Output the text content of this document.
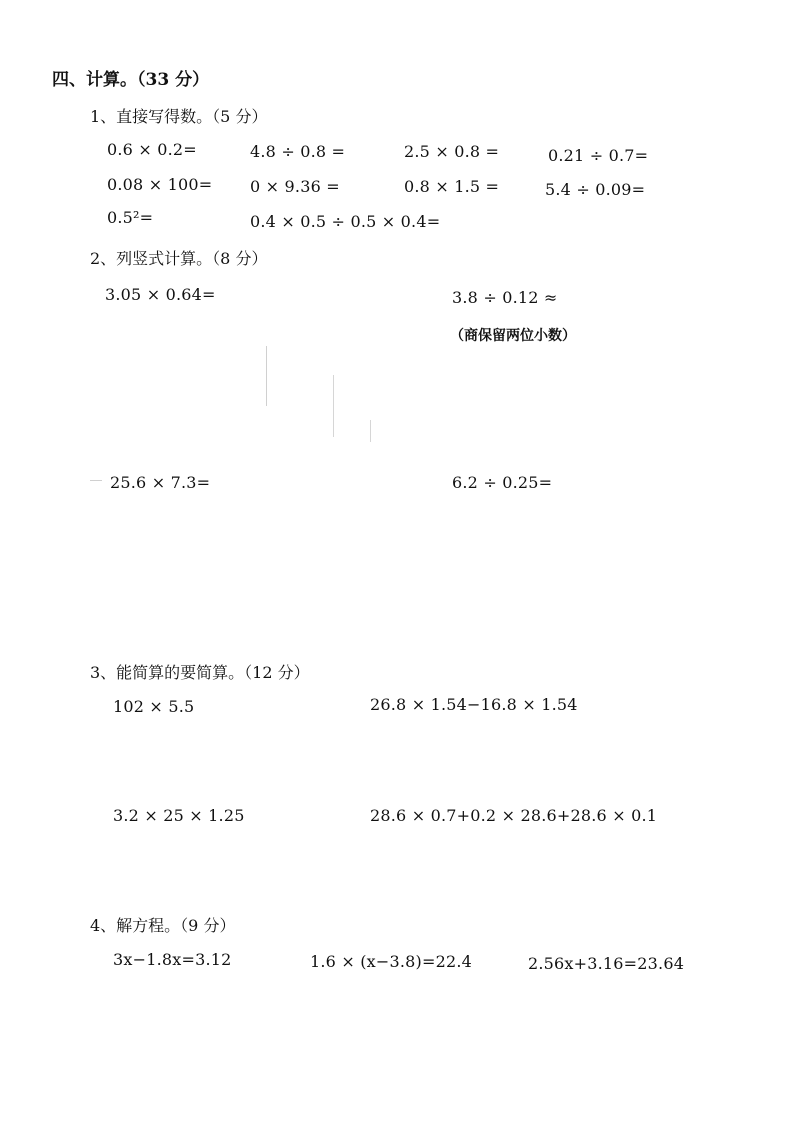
四、计算。（33 分）
1、直接写得数。（5 分）
0.6 × 0.2=	4.8 ÷ 0.8 =	2.5 × 0.8 =	0.21 ÷ 0.7=
0.08 × 100= 0 × 9.36 =	0.8 × 1.5 =	5.4 ÷ 0.09=
0.5²=	0.4 × 0.5 ÷ 0.5 × 0.4=
2、列竖式计算。（8 分）
3.05 × 0.64=	3.8 ÷ 0.12 ≈
（商保留两位小数）
25.6 × 7.3=	6.2 ÷ 0.25=
3、能简算的要简算。（12 分）
102 × 5.5	26.8 × 1.54−16.8 × 1.54
3.2 × 25 × 1.25	28.6 × 0.7+0.2 × 28.6+28.6 × 0.1
4、解方程。（9 分）
3x−1.8x=3.12	1.6 × (x−3.8)=22.4	2.56x+3.16=23.64
